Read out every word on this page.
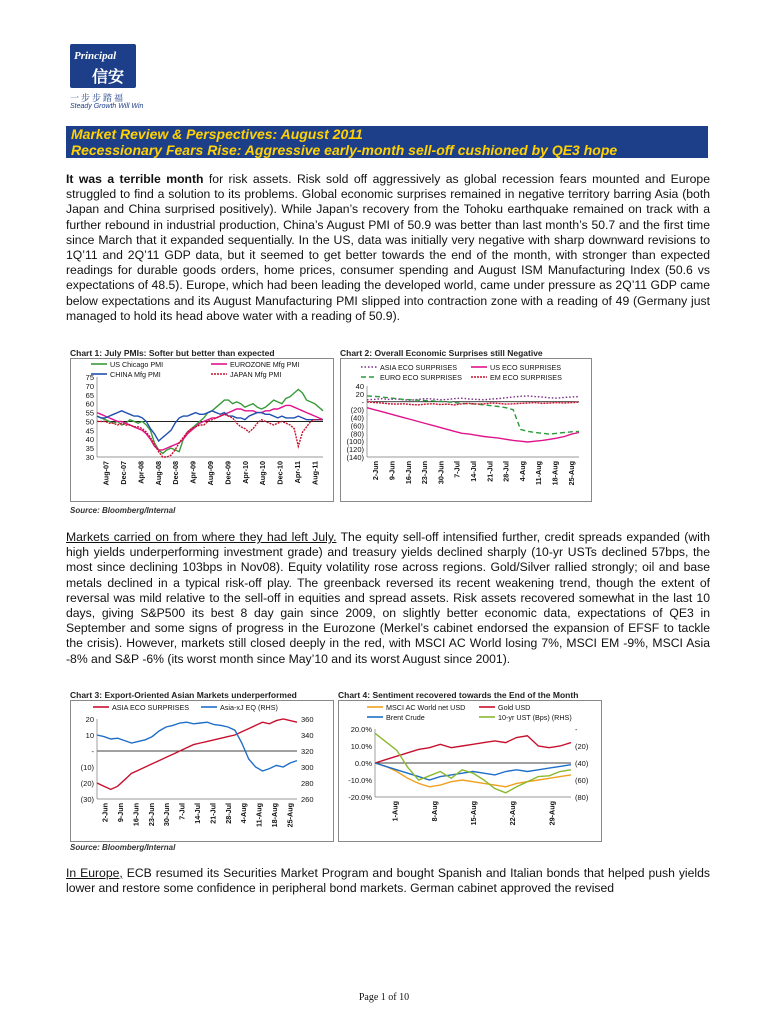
Principal
信安
一步步踏福
Steady Growth Will Win
Market Review & Perspectives: August 2011
Recessionary Fears Rise: Aggressive early-month sell-off cushioned by QE3 hope
It was a terrible month for risk assets. Risk sold off aggressively as global recession fears mounted and Europe struggled to find a solution to its problems. Global economic surprises remained in negative territory barring Asia (both Japan and China surprised positively). While Japan’s recovery from the Tohoku earthquake remained on track with a further rebound in industrial production, China’s August PMI of 50.9 was better than last month’s 50.7 and the first time since March that it expanded sequentially. In the US, data was initially very negative with sharp downward revisions to 1Q’11 and 2Q’11 GDP data, but it seemed to get better towards the end of the month, with stronger than expected readings for durable goods orders, home prices, consumer spending and August ISM Manufacturing Index (50.6 vs expectations of 48.5). Europe, which had been leading the developed world, came under pressure as 2Q’11 GDP came below expectations and its August Manufacturing PMI slipped into contraction zone with a reading of 49 (Germany just managed to hold its head above water with a reading of 50.9).
Chart 1: July PMIs: Softer but better than expected
US Chicago PMI	EUROZONE Mfg PMI
CHINA Mfg PMI	JAPAN Mfg PMI
75
70
65
60
55
50
45
40
35
30
Aug-07 Dec-07 Apr-08 Aug-08 Dec-08 Apr-09 Aug-09 Dec-09 Apr-10 Aug-10 Dec-10 Apr-11 Aug-11
Chart 2: Overall Economic Surprises still Negative
ASIA ECO SURPRISES	US ECO SURPRISES
EURO ECO SURPRISES	EM ECO SURPRISES
40
20
-
(20)
(40)
(60)
(80)
(100)
(120)
(140)
2-Jun 9-Jun 16-Jun 23-Jun 30-Jun 7-Jul 14-Jul 21-Jul 28-Jul 4-Aug 11-Aug 18-Aug 25-Aug
Source: Bloomberg/Internal
Markets carried on from where they had left July. The equity sell-off intensified further, credit spreads expanded (with high yields underperforming investment grade) and treasury yields declined sharply (10-yr USTs declined 57bps, the most since declining 103bps in Nov08). Equity volatility rose across regions. Gold/Silver rallied strongly; oil and base metals declined in a typical risk-off play. The greenback reversed its recent weakening trend, though the extent of reversal was mild relative to the sell-off in equities and spread assets. Risk assets recovered somewhat in the last 10 days, giving S&P500 its best 8 day gain since 2009, on slightly better economic data, expectations of QE3 in September and some signs of progress in the Eurozone (Merkel’s cabinet endorsed the expansion of EFSF to tackle the crisis). However, markets still closed deeply in the red, with MSCI AC World losing 7%, MSCI EM -9%, MSCI Asia -8% and S&P -6% (its worst month since May’10 and its worst August since 2001).
Chart 3: Export-Oriented Asian Markets underperformed
ASIA ECO SURPRISES	Asia-xJ EQ (RHS)
20
10
-
(10)
(20)
(30)
360
340
320
300
280
260
2-Jun 9-Jun 16-Jun 23-Jun 30-Jun 7-Jul 14-Jul 21-Jul 28-Jul 4-Aug 11-Aug 18-Aug 25-Aug
Chart 4: Sentiment recovered towards the End of the Month
MSCI AC World net USD	Gold USD
Brent Crude	10-yr UST (Bps) (RHS)
20.0%
10.0%
0.0%
-10.0%
-20.0%
-
(20)
(40)
(60)
(80)
1-Aug	8-Aug	15-Aug	22-Aug	29-Aug
Source: Bloomberg/Internal
In Europe, ECB resumed its Securities Market Program and bought Spanish and Italian bonds that helped push yields lower and restore some confidence in peripheral bond markets. German cabinet approved the revised
Page 1 of 10
